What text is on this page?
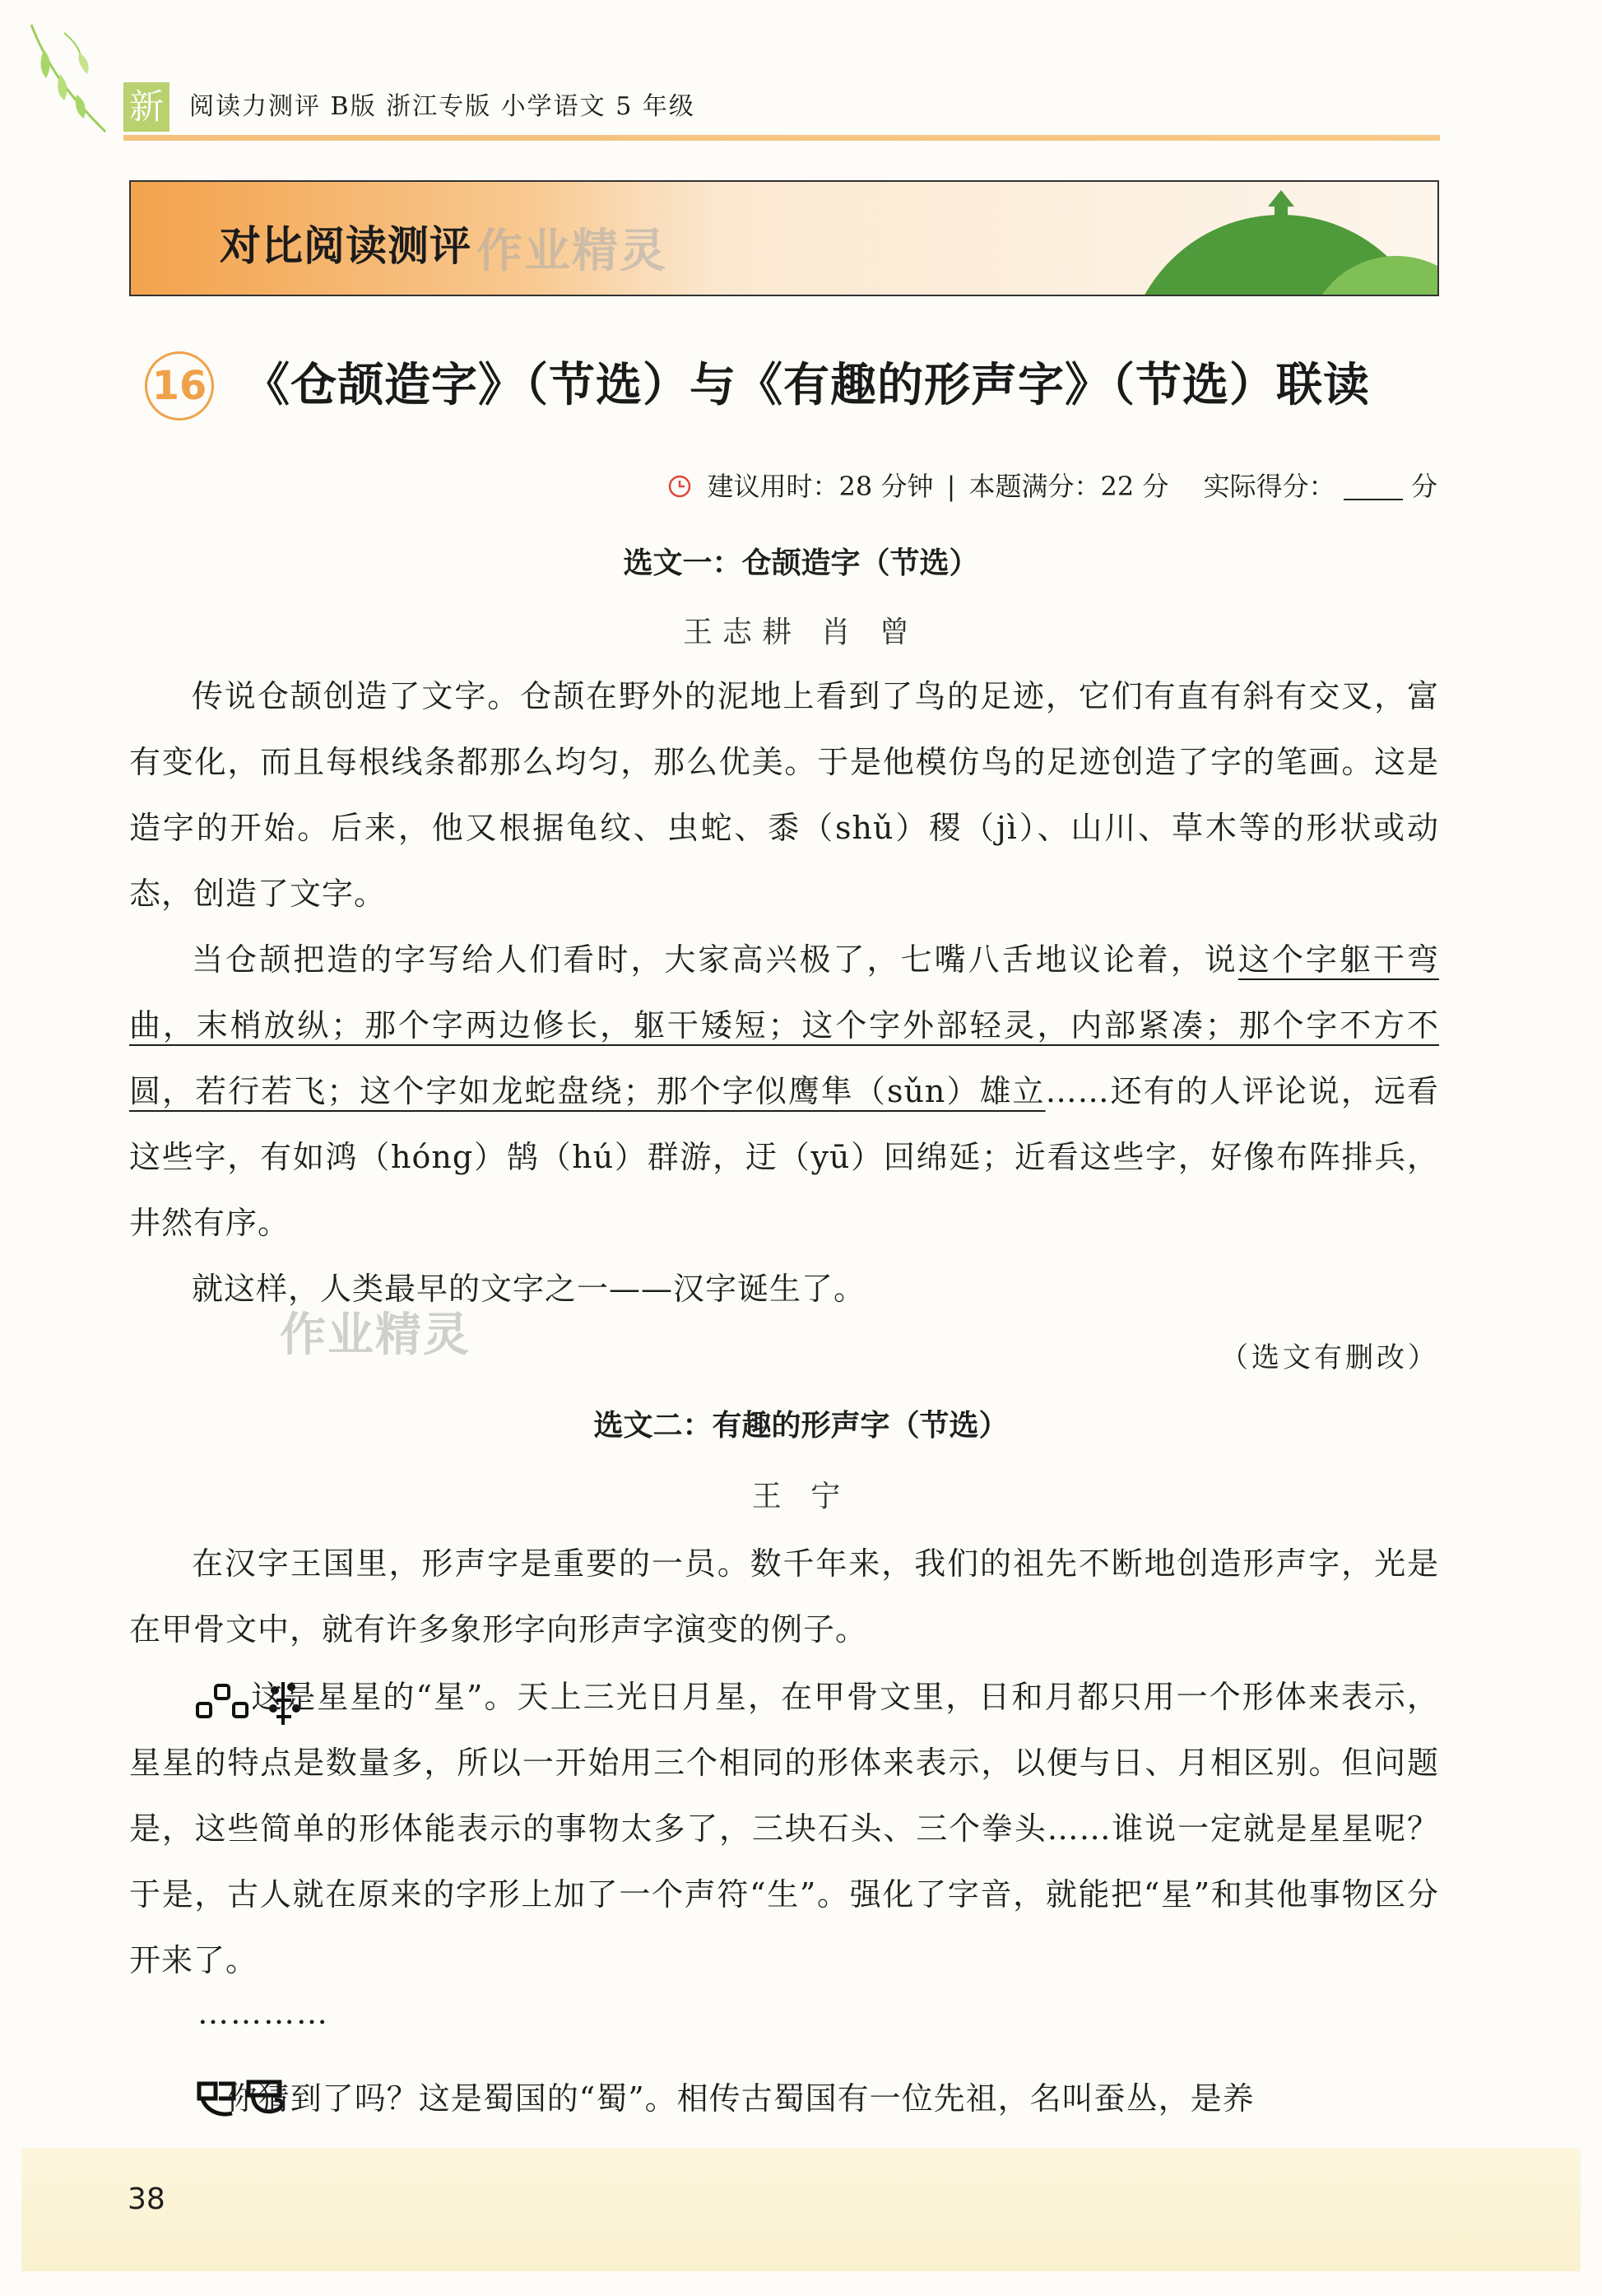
新 阅读力测评 B版 浙江专版 小学语文 5 年级
对比阅读测评 作业精灵
16 《仓颉造字》（节选）与《有趣的形声字》（节选）联读
建议用时：28 分钟 | 本题满分：22 分 实际得分：	分
选文一：仓颉造字（节选）
王志耕 肖 曾

传说仓颉创造了文字。仓颉在野外的泥地上看到了鸟的足迹，它们有直有斜有交叉，富有变化，而且每根线条都那么均匀，那么优美。于是他模仿鸟的足迹创造了字的笔画。这是造字的开始。后来，他又根据龟纹、虫蛇、黍（shǔ）稷（jì）、山川、草木等的形状或动态，创造了文字。

当仓颉把造的字写给人们看时，大家高兴极了，七嘴八舌地议论着，说这个字躯干弯曲，末梢放纵；那个字两边修长，躯干矮短；这个字外部轻灵，内部紧凑；那个字不方不圆，若行若飞；这个字如龙蛇盘绕；那个字似鹰隼（sǔn）雄立……还有的人评论说，远看这些字，有如鸿（hóng）鹄（hú）群游，迂（yū）回绵延；近看这些字，好像布阵排兵，井然有序。

就这样，人类最早的文字之一——汉字诞生了。

作业精灵	（选文有删改）
选文二：有趣的形声字（节选）
王 宁

在汉字王国里，形声字是重要的一员。数千年来，我们的祖先不断地创造形声字，光是在甲骨文中，就有许多象形字向形声字演变的例子。

这是星星的“星”。天上三光日月星，在甲骨文里，日和月都只用一个形体来表示，星星的特点是数量多，所以一开始用三个相同的形体来表示，以便与日、月相区别。但问题是，这些简单的形体能表示的事物太多了，三块石头、三个拳头……谁说一定就是星星呢？于是，古人就在原来的字形上加了一个声符“生”。强化了字音，就能把“星”和其他事物区分开来了。

…………

你猜到了吗？这是蜀国的“蜀”。相传古蜀国有一位先祖，名叫蚕丛，是养

38
